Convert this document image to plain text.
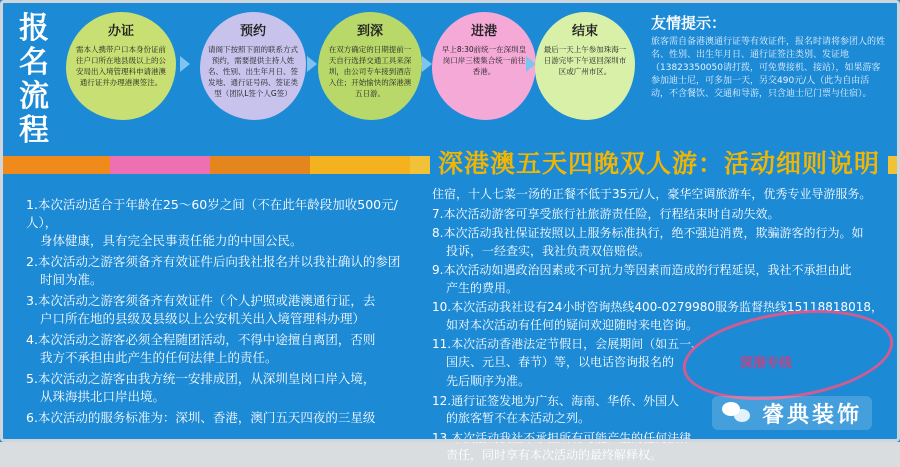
报名流程
办证
需本人携带户口本身份证前往户口所在地县级以上的公安局出入境管理科申请港澳通行证并办理港澳签注。
预约
请阁下按照下面的联系方式预约，需要提供主持人姓名、性别、出生年月日、签发地、通行证号码、签证类型（团队L签个人G签）
到深
在双方确定的日期提前一天自行选择交通工具来深圳，由公司专车接到酒店入住；开始愉快的深港澳五日游。
进港
早上8:30前统一在深圳皇岗口岸三楼集合统一前往香港。
结束
最后一天上午参加珠海一日游完毕下午返回深圳市区或广州市区。
友情提示：
旅客需自备港澳通行证等有效证件，报名时请将参团人的姓名、性别、出生年月日、通行证签注类别、发证地（13823350050请打拨，可免费接机、接站），如果游客参加迪士尼，可多加一天，另交490元/人（此为自由活动，不含餐饮、交通和导游，只含迪士尼门票与住宿）。
深港澳五天四晚双人游：活动细则说明

1.本次活动适合于年龄在25～60岁之间（不在此年龄段加收500元/人），
身体健康，具有完全民事责任能力的中国公民。

2.本次活动之游客须备齐有效证件后向我社报名并以我社确认的参团
时间为准。

3.本次活动之游客须备齐有效证件（个人护照或港澳通行证，去
户口所在地的县级及县级以上公安机关出入境管理科办理）

4.本次活动之游客必须全程随团活动，不得中途擅自离团，否则
我方不承担由此产生的任何法律上的责任。

5.本次活动之游客由我方统一安排成团，从深圳皇岗口岸入境，
从珠海拱北口岸出境。

6.本次活动的服务标准为：深圳、香港，澳门五天四夜的三星级

住宿，十人七菜一汤的正餐不低于35元/人，豪华空调旅游车，优秀专业导游服务。

7.本次活动游客可享受旅行社旅游责任险，行程结束时自动失效。

8.本次活动我社保证按照以上服务标准执行，绝不强迫消费，欺骗游客的行为。如
投诉，一经查实，我社负责双倍赔偿。

9.本次活动如遇政治因素或不可抗力等因素而造成的行程延误，我社不承担由此
产生的费用。

10.本次活动我社设有24小时咨询热线400-0279980服务监督热线15118818018，
如对本次活动有任何的疑问欢迎随时来电咨询。

11.本次活动香港法定节假日，会展期间（如五一、
国庆、元旦、春节）等，以电话咨询报名的

先后顺序为准。

12.通行证签发地为广东、海南、华侨、外国人
的旅客暂不在本活动之列。

13.本次活动我社不承担所有可能产生的任何法律
责任，同时享有本次活动的最终解释权。

深港专线
睿典装饰
